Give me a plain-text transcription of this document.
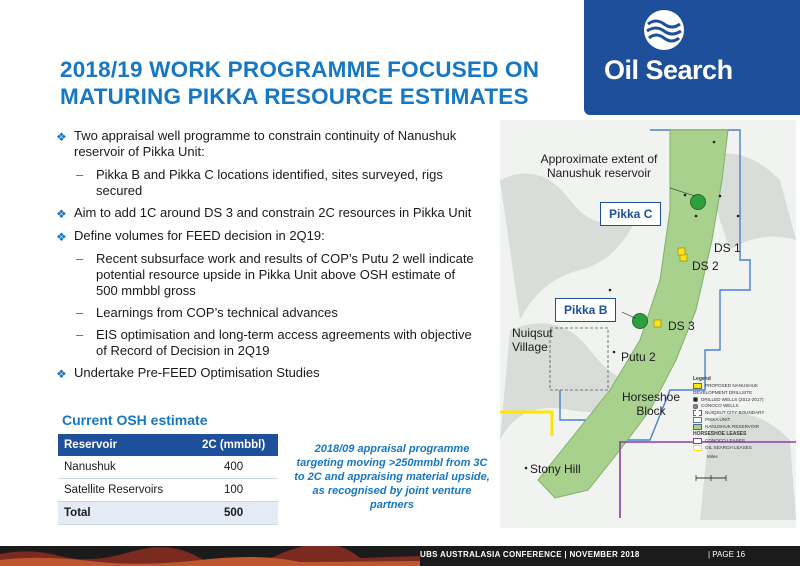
2018/19 WORK PROGRAMME FOCUSED ON
MATURING PIKKA RESOURCE ESTIMATES
Oil Search
❖ Two appraisal well programme to constrain continuity of Nanushuk reservoir of Pikka Unit:
– Pikka B and Pikka C locations identified, sites surveyed, rigs secured
❖ Aim to add 1C around DS 3 and constrain 2C resources in Pikka Unit
❖ Define volumes for FEED decision in 2Q19:
– Recent subsurface work and results of COP’s Putu 2 well indicate potential resource upside in Pikka Unit above OSH estimate of 500 mmbbl gross
– Learnings from COP’s technical advances
– EIS optimisation and long-term access agreements with objective of Record of Decision in 2Q19
❖ Undertake Pre-FEED Optimisation Studies
Current OSH estimate
Reservoir	2C (mmbbl)
Nanushuk	400
Satellite Reservoirs	100
Total	500
2018/09 appraisal programme targeting moving >250mmbl from 3C to 2C and appraising material upside, as recognised by joint venture partners
Approximate extent of Nanushuk reservoir
Pikka C
Pikka B
DS 1
DS 2
DS 3
Nuiqsut Village
Putu 2
Horseshoe Block
Stony Hill
Legend
PROPOSED NANUSHUK DEVELOPMENT DRILLSITE
DRILLED WELLS (2012-2017)
CONOCO WELLS
NUIQSUT CITY BOUNDARY
PIKKA UNIT
NANUSHUK RESERVOIR
HORSESHOE LEASES
CONOCO LEASES
OIL SEARCH LEASES
Miles
UBS AUSTRALASIA CONFERENCE | NOVEMBER 2018	| PAGE 16
